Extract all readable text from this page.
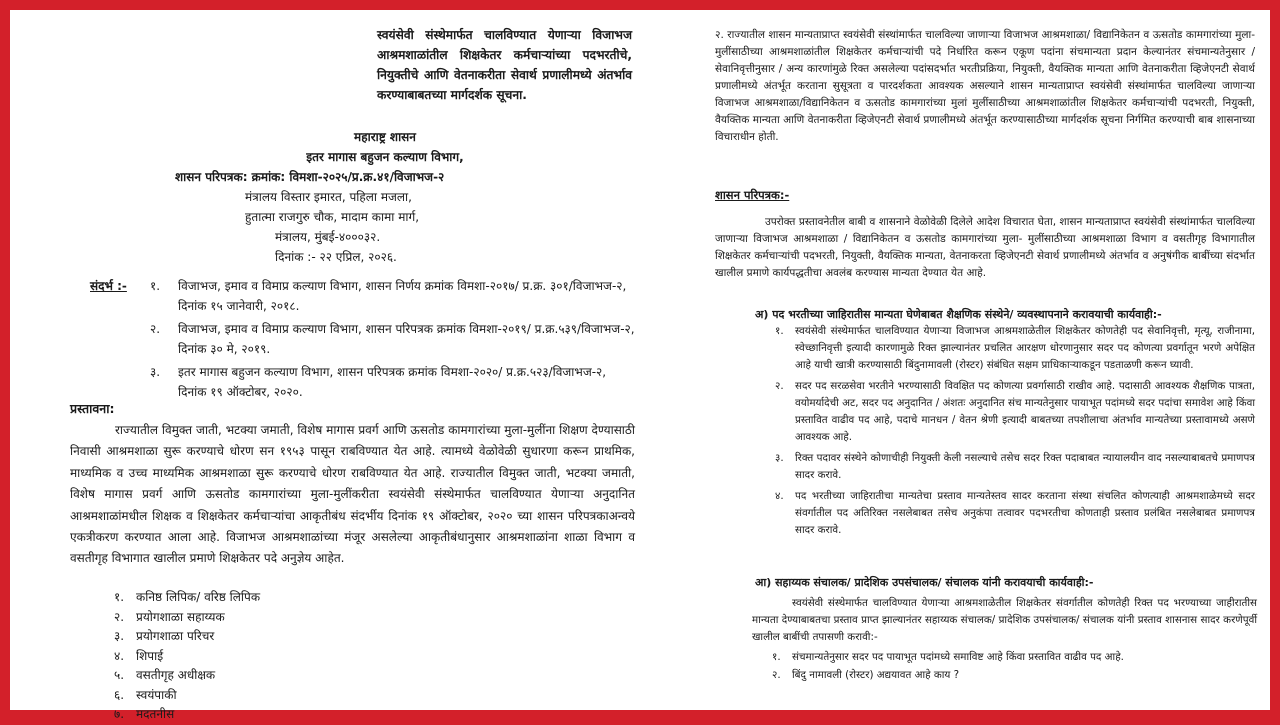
स्वयंसेवी संस्थेमार्फत चालविण्यात येणाऱ्या विजाभज आश्रमशाळांतील शिक्षकेतर कर्मचाऱ्यांच्या पदभरतीचे, नियुक्तीचे आणि वेतनाकरीता सेवार्थ प्रणालीमध्ये अंतर्भाव करण्याबाबतच्या मार्गदर्शक सूचना.
महाराष्ट्र शासन
इतर मागास बहुजन कल्याण विभाग,
शासन परिपत्रक: क्रमांक: विमशा-२०२५/प्र.क्र.४१/विजाभज-२
मंत्रालय विस्तार इमारत, पहिला मजला,
हुतात्मा राजगुरु चौक, मादाम कामा मार्ग,
मंत्रालय, मुंबई-४०००३२.
दिनांक :- २२ एप्रिल, २०२६.
संदर्भ :- १. विजाभज, इमाव व विमाप्र कल्याण विभाग, शासन निर्णय क्रमांक विमशा-२०१७/ प्र.क्र. ३०१/विजाभज-२, दिनांक १५ जानेवारी, २०१८.
२. विजाभज, इमाव व विमाप्र कल्याण विभाग, शासन परिपत्रक क्रमांक विमशा-२०१९/ प्र.क्र.५३९/विजाभज-२, दिनांक ३० मे, २०१९.
३. इतर मागास बहुजन कल्याण विभाग, शासन परिपत्रक क्रमांक विमशा-२०२०/ प्र.क्र.५२३/विजाभज-२, दिनांक १९ ऑक्टोबर, २०२०.
प्रस्तावना:
राज्यातील विमुक्त जाती, भटक्या जमाती, विशेष मागास प्रवर्ग आणि ऊसतोड कामगारांच्या मुला-मुलींना शिक्षण देण्यासाठी निवासी आश्रमशाळा सुरू करण्याचे धोरण सन १९५३ पासून राबविण्यात येत आहे. त्यामध्ये वेळोवेळी सुधारणा करून प्राथमिक, माध्यमिक व उच्च माध्यमिक आश्रमशाळा सुरू करण्याचे धोरण राबविण्यात येत आहे. राज्यातील विमुक्त जाती, भटक्या जमाती, विशेष मागास प्रवर्ग आणि ऊसतोड कामगारांच्या मुला-मुलींकरीता स्वयंसेवी संस्थेमार्फत चालविण्यात येणाऱ्या अनुदानित आश्रमशाळांमधील शिक्षक व शिक्षकेतर कर्मचाऱ्यांचा आकृतीबंध संदर्भीय दिनांक १९ ऑक्टोबर, २०२० च्या शासन परिपत्रकाअन्वये एकत्रीकरण करण्यात आला आहे. विजाभज आश्रमशाळांच्या मंजूर असलेल्या आकृतीबंधानुसार आश्रमशाळांना शाळा विभाग व वसतीगृह विभागात खालील प्रमाणे शिक्षकेतर पदे अनुज्ञेय आहेत.
१. कनिष्ठ लिपिक/ वरिष्ठ लिपिक
२. प्रयोगशाळा सहाय्यक
३. प्रयोगशाळा परिचर
४. शिपाई
५. वसतीगृह अधीक्षक
६. स्वयंपाकी
७. मदतनीस
२. राज्यातील शासन मान्यताप्राप्त स्वयंसेवी संस्थांमार्फत चालविल्या जाणाऱ्या विजाभज आश्रमशाळा/ विद्यानिकेतन व ऊसतोड कामगारांच्या मुला- मुलींसाठीच्या आश्रमशाळांतील शिक्षकेतर कर्मचाऱ्यांची पदे निर्धारित करून एकूण पदांना संचमान्यता प्रदान केल्यानंतर संचमान्यतेनुसार / सेवानिवृत्तीनुसार / अन्य कारणांमुळे रिक्त असलेल्या पदांसदर्भात भरतीप्रक्रिया, नियुक्ती, वैयक्तिक मान्यता आणि वेतनाकरीता व्हिजेएनटी सेवार्थ प्रणालीमध्ये अंतर्भूत करताना सुसूत्रता व पारदर्शकता आवश्यक असल्याने शासन मान्यताप्राप्त स्वयंसेवी संस्थांमार्फत चालविल्या जाणाऱ्या विजाभज आश्रमशाळा/विद्यानिकेतन व ऊसतोड कामगारांच्या मुलां मुलींसाठीच्या आश्रमशाळांतील शिक्षकेतर कर्मचाऱ्यांची पदभरती, नियुक्ती, वैयक्तिक मान्यता आणि वेतनाकरीता व्हिजेएनटी सेवार्थ प्रणालीमध्ये अंतर्भूत करण्यासाठीच्या मार्गदर्शक सूचना निर्गमित करण्याची बाब शासनाच्या विचाराधीन होती.
शासन परिपत्रक:-
उपरोक्त प्रस्तावनेतील बाबी व शासनाने वेळोवेळी दिलेले आदेश विचारात घेता, शासन मान्यताप्राप्त स्वयंसेवी संस्थांमार्फत चालविल्या जाणाऱ्या विजाभज आश्रमशाळा / विद्यानिकेतन व ऊसतोड कामगारांच्या मुला- मुलींसाठीच्या आश्रमशाळा विभाग व वसतीगृह विभागातील शिक्षकेतर कर्मचाऱ्यांची पदभरती, नियुक्ती, वैयक्तिक मान्यता, वेतनाकरता व्हिजेएनटी सेवार्थ प्रणालीमध्ये अंतर्भाव व अनुषंगीक बाबींच्या संदर्भात खालील प्रमाणे कार्यपद्धतीचा अवलंब करण्यास मान्यता देण्यात येत आहे.
अ) पद भरतीच्या जाहिरातीस मान्यता घेणेबाबत शैक्षणिक संस्थेने/ व्यवस्थापनाने करावयाची कार्यवाही:-
१. स्वयंसेवी संस्थेमार्फत चालविण्यात येणाऱ्या विजाभज आश्रमशाळेतील शिक्षकेतर कोणतेही पद सेवानिवृत्ती, मृत्यू, राजीनामा, स्वेच्छानिवृत्ती इत्यादी कारणामुळे रिक्त झाल्यानंतर प्रचलित आरक्षण धोरणानुसार सदर पद कोणत्या प्रवर्गातून भरणे अपेक्षित आहे याची खात्री करण्यासाठी बिंदुनामावली (रोस्टर) संबंधित सक्षम प्राधिकाऱ्याकडून पडताळणी करून घ्यावी.
२. सदर पद सरळसेवा भरतीने भरण्यासाठी विवक्षित पद कोणत्या प्रवर्गासाठी राखीव आहे. पदासाठी आवश्यक शैक्षणिक पात्रता, वयोमर्यादेची अट, सदर पद अनुदानित / अंशतः अनुदानित संच मान्यतेनुसार पायाभूत पदांमध्ये सदर पदांचा समावेश आहे किंवा प्रस्तावित वाढीव पद आहे, पदाचे मानधन / वेतन श्रेणी इत्यादी बाबतच्या तपशीलाचा अंतर्भाव मान्यतेच्या प्रस्तावामध्ये असणे आवश्यक आहे.
३. रिक्त पदावर संस्थेने कोणाचीही नियुक्ती केली नसल्याचे तसेच सदर रिक्त पदाबाबत न्यायालयीन वाद नसल्याबाबतचे प्रमाणपत्र सादर करावे.
४. पद भरतीच्या जाहिरातीचा मान्यतेचा प्रस्ताव मान्यतेस्तव सादर करताना संस्था संचलित कोणत्याही आश्रमशाळेमध्ये सदर संवर्गातील पद अतिरिक्त नसलेबाबत तसेच अनुकंपा तत्वावर पदभरतीचा कोणताही प्रस्ताव प्रलंबित नसलेबाबत प्रमाणपत्र सादर करावे.
आ) सहाय्यक संचालक/ प्रादेशिक उपसंचालक/ संचालक यांनी करावयाची कार्यवाही:-
स्वयंसेवी संस्थेमार्फत चालविण्यात येणाऱ्या आश्रमशाळेतील शिक्षकेतर संवर्गातील कोणतेही रिक्त पद भरण्याच्या जाहीरातीस मान्यता देण्याबाबतचा प्रस्ताव प्राप्त झाल्यानंतर सहाय्यक संचालक/ प्रादेशिक उपसंचालक/ संचालक यांनी प्रस्ताव शासनास सादर करणेपूर्वी खालील बाबींची तपासणी करावी:-
१. संचमान्यतेनुसार सदर पद पायाभूत पदांमध्ये समाविष्ट आहे किंवा प्रस्तावित वाढीव पद आहे.
२. बिंदु नामावली (रोस्टर) अद्ययावत आहे काय ?
